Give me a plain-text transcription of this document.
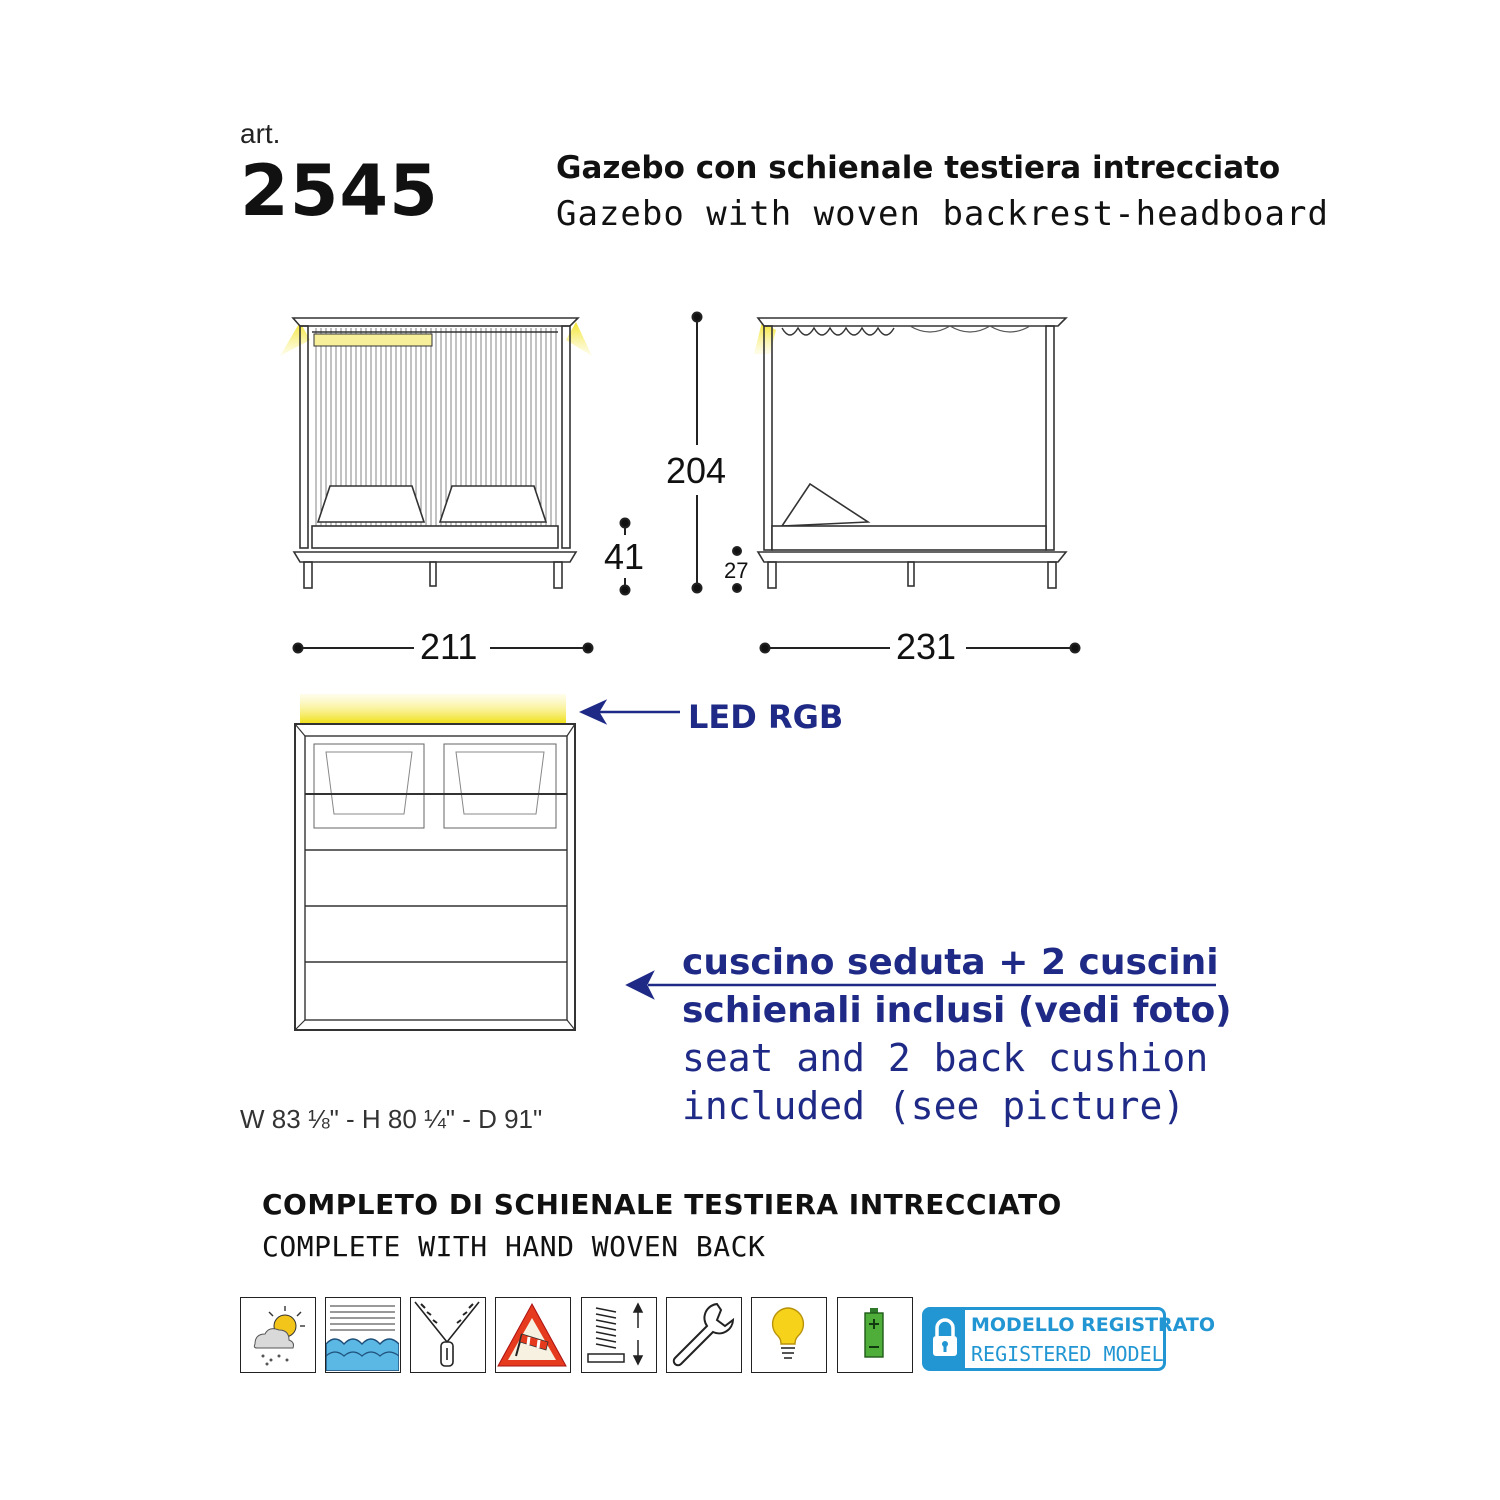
art.
2545	Gazebo con schienale testiera intrecciato
Gazebo with woven backrest-headboard
211	231
204
41	27
LED RGB
cuscino seduta + 2 cuscini
schienali inclusi (vedi foto)
seat and 2 back cushion
included (see picture)
W 83 ⅛" - H 80 ¼" - D 91"
COMPLETO DI SCHIENALE TESTIERA INTRECCIATO
COMPLETE WITH HAND WOVEN BACK
MODELLO REGISTRATO
REGISTERED MODEL
